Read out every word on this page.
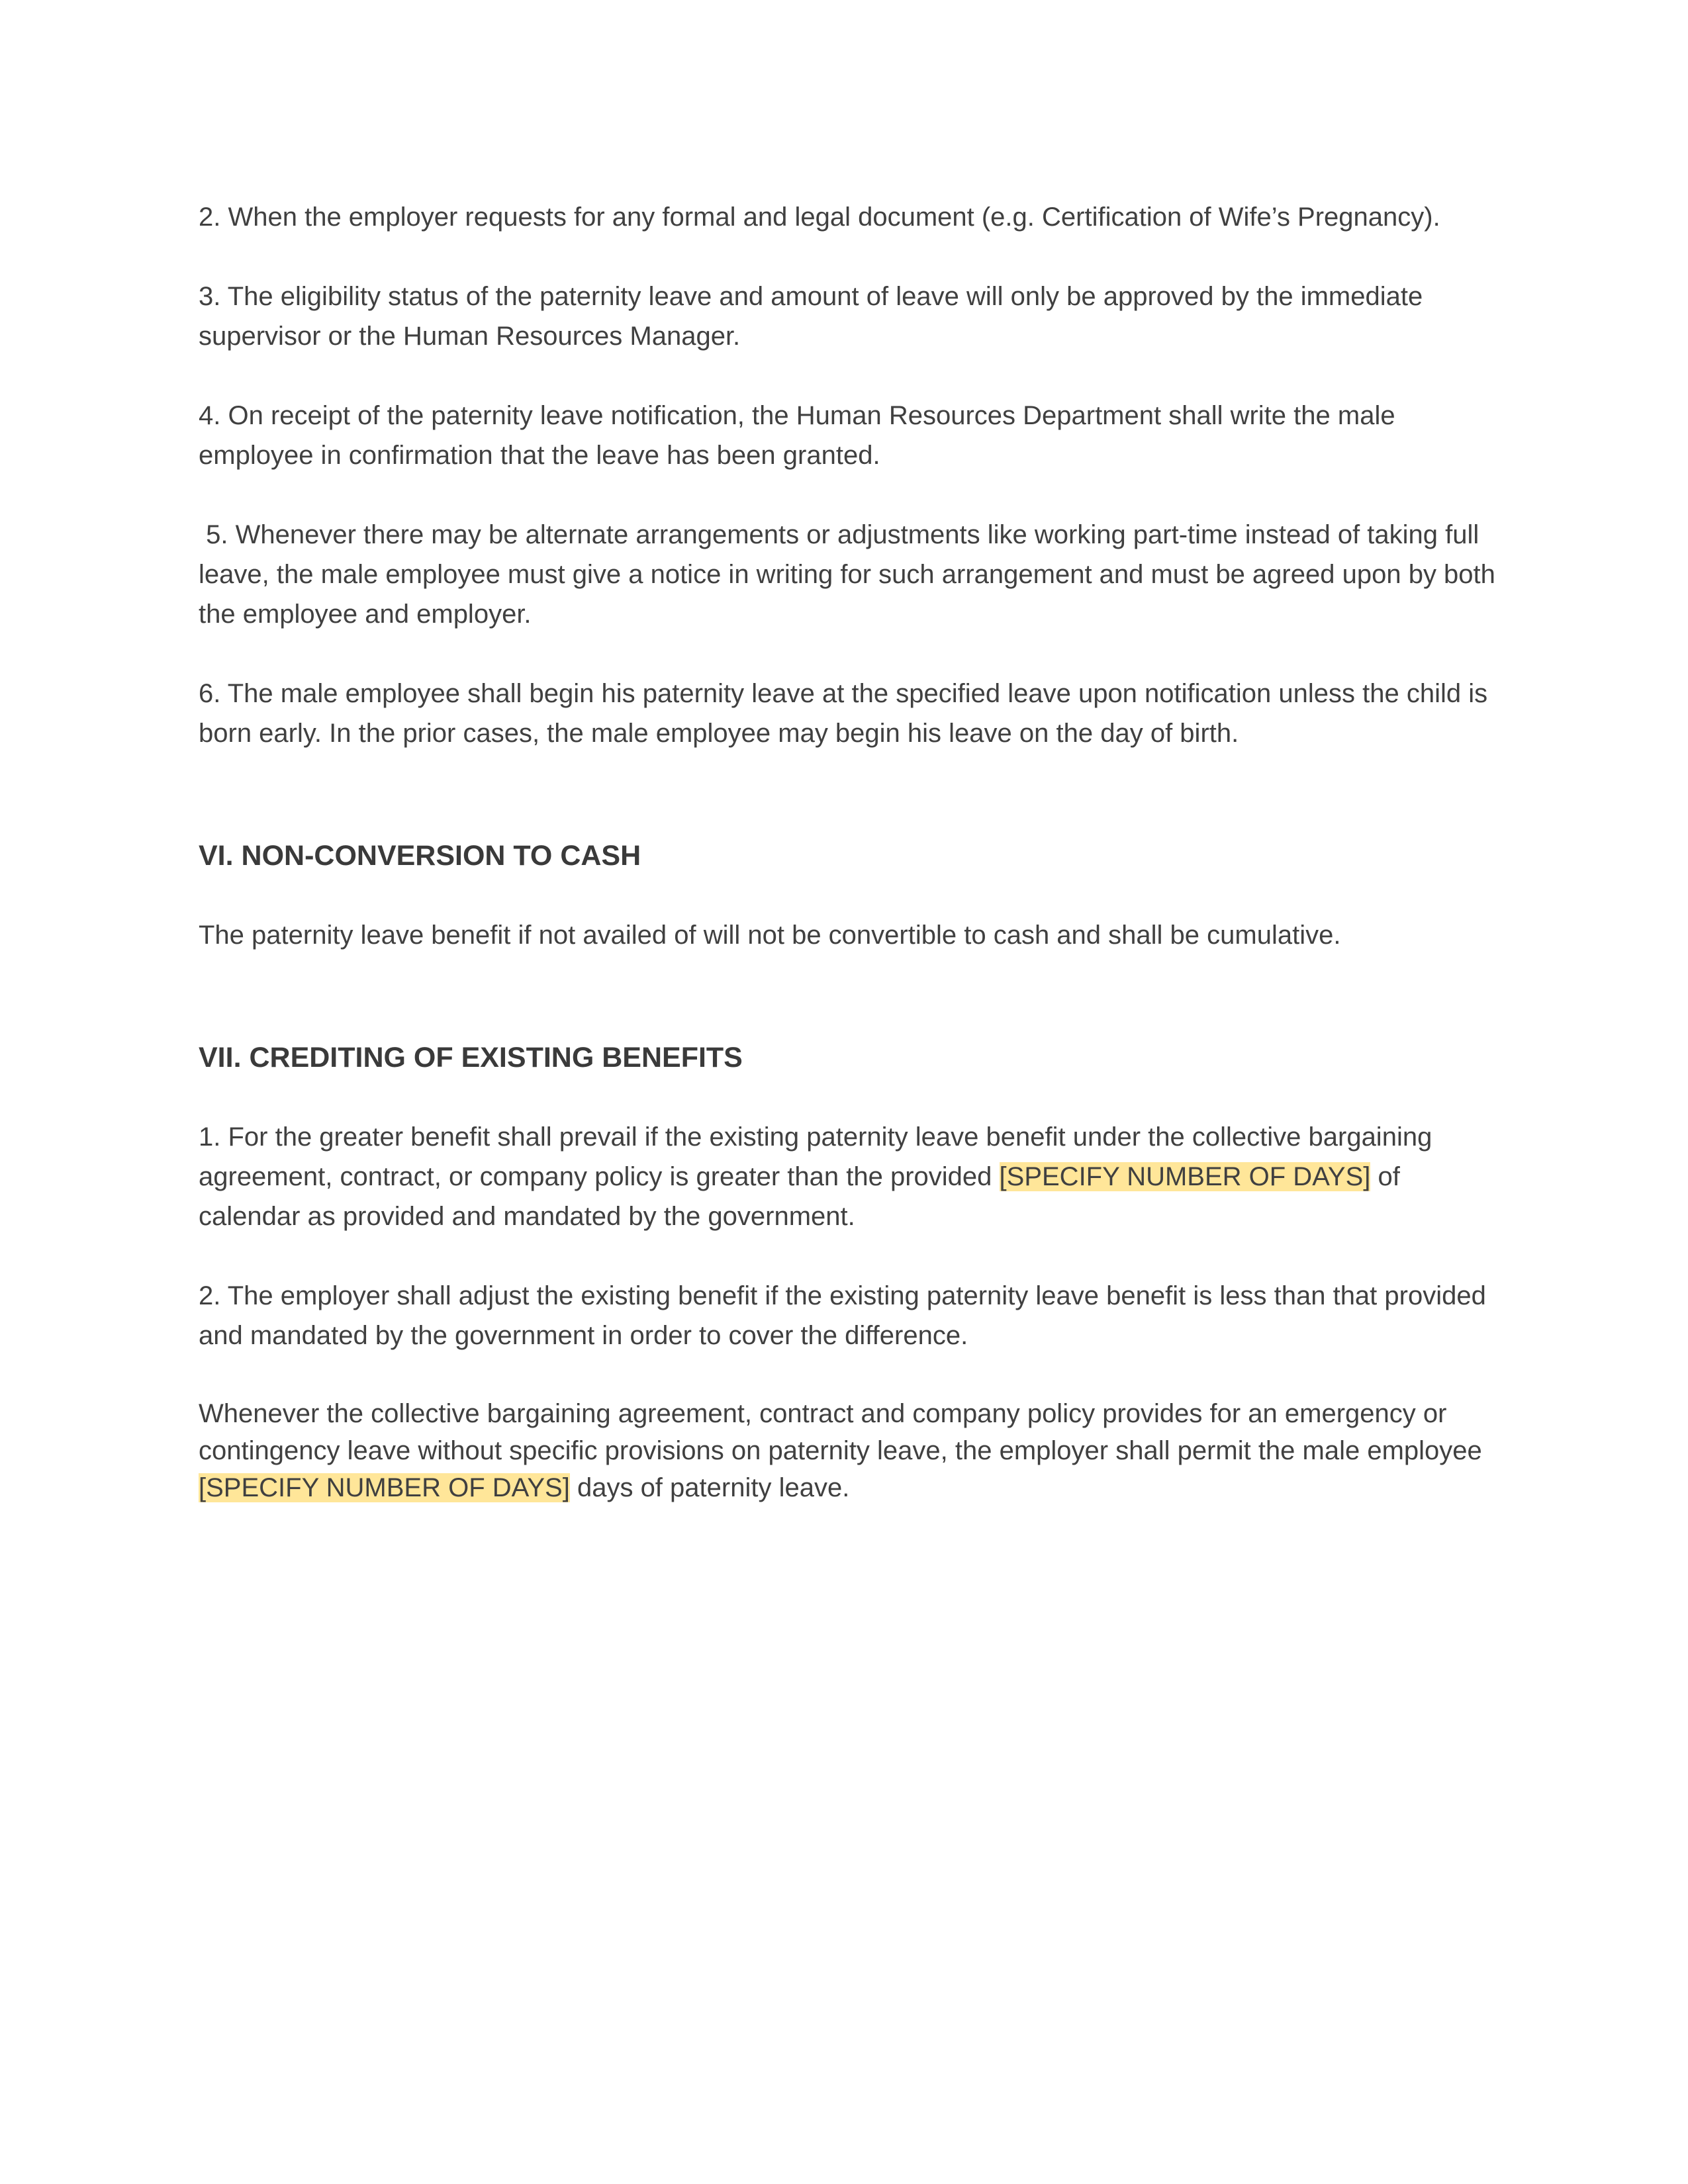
2. When the employer requests for any formal and legal document (e.g. Certification of Wife’s Pregnancy).

3. The eligibility status of the paternity leave and amount of leave will only be approved by the immediate supervisor or the Human Resources Manager.

4. On receipt of the paternity leave notification, the Human Resources Department shall write the male employee in confirmation that the leave has been granted.

5. Whenever there may be alternate arrangements or adjustments like working part-time instead of taking full leave, the male employee must give a notice in writing for such arrangement and must be agreed upon by both the employee and employer.

6. The male employee shall begin his paternity leave at the specified leave upon notification unless the child is born early. In the prior cases, the male employee may begin his leave on the day of birth.

VI. NON-CONVERSION TO CASH

The paternity leave benefit if not availed of will not be convertible to cash and shall be cumulative.

VII. CREDITING OF EXISTING BENEFITS

1. For the greater benefit shall prevail if the existing paternity leave benefit under the collective bargaining agreement, contract, or company policy is greater than the provided [SPECIFY NUMBER OF DAYS] of calendar as provided and mandated by the government.

2. The employer shall adjust the existing benefit if the existing paternity leave benefit is less than that provided and mandated by the government in order to cover the difference.

Whenever the collective bargaining agreement, contract and company policy provides for an emergency or contingency leave without specific provisions on paternity leave, the employer shall permit the male employee [SPECIFY NUMBER OF DAYS] days of paternity leave.
